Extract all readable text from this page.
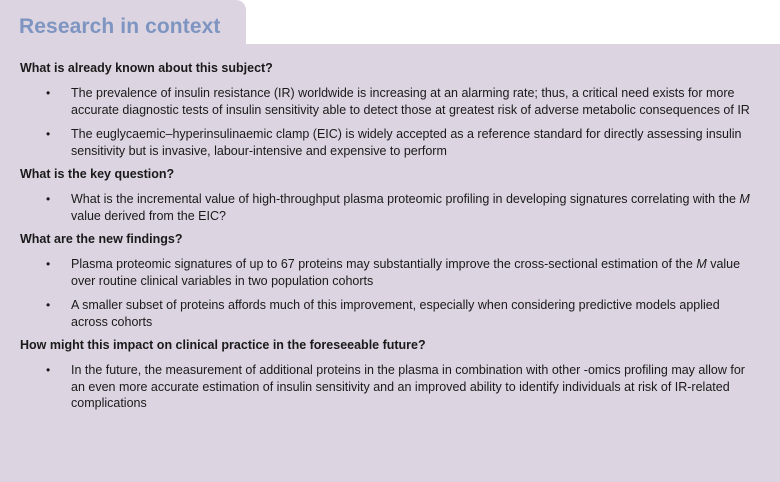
Research in context
What is already known about this subject?
• The prevalence of insulin resistance (IR) worldwide is increasing at an alarming rate; thus, a critical need exists for more accurate diagnostic tests of insulin sensitivity able to detect those at greatest risk of adverse metabolic consequences of IR
• The euglycaemic–hyperinsulinaemic clamp (EIC) is widely accepted as a reference standard for directly assessing insulin sensitivity but is invasive, labour-intensive and expensive to perform
What is the key question?
• What is the incremental value of high-throughput plasma proteomic profiling in developing signatures correlating with the M value derived from the EIC?
What are the new findings?
• Plasma proteomic signatures of up to 67 proteins may substantially improve the cross-sectional estimation of the M value over routine clinical variables in two population cohorts
• A smaller subset of proteins affords much of this improvement, especially when considering predictive models applied across cohorts
How might this impact on clinical practice in the foreseeable future?
• In the future, the measurement of additional proteins in the plasma in combination with other -omics profiling may allow for an even more accurate estimation of insulin sensitivity and an improved ability to identify individuals at risk of IR-related complications
